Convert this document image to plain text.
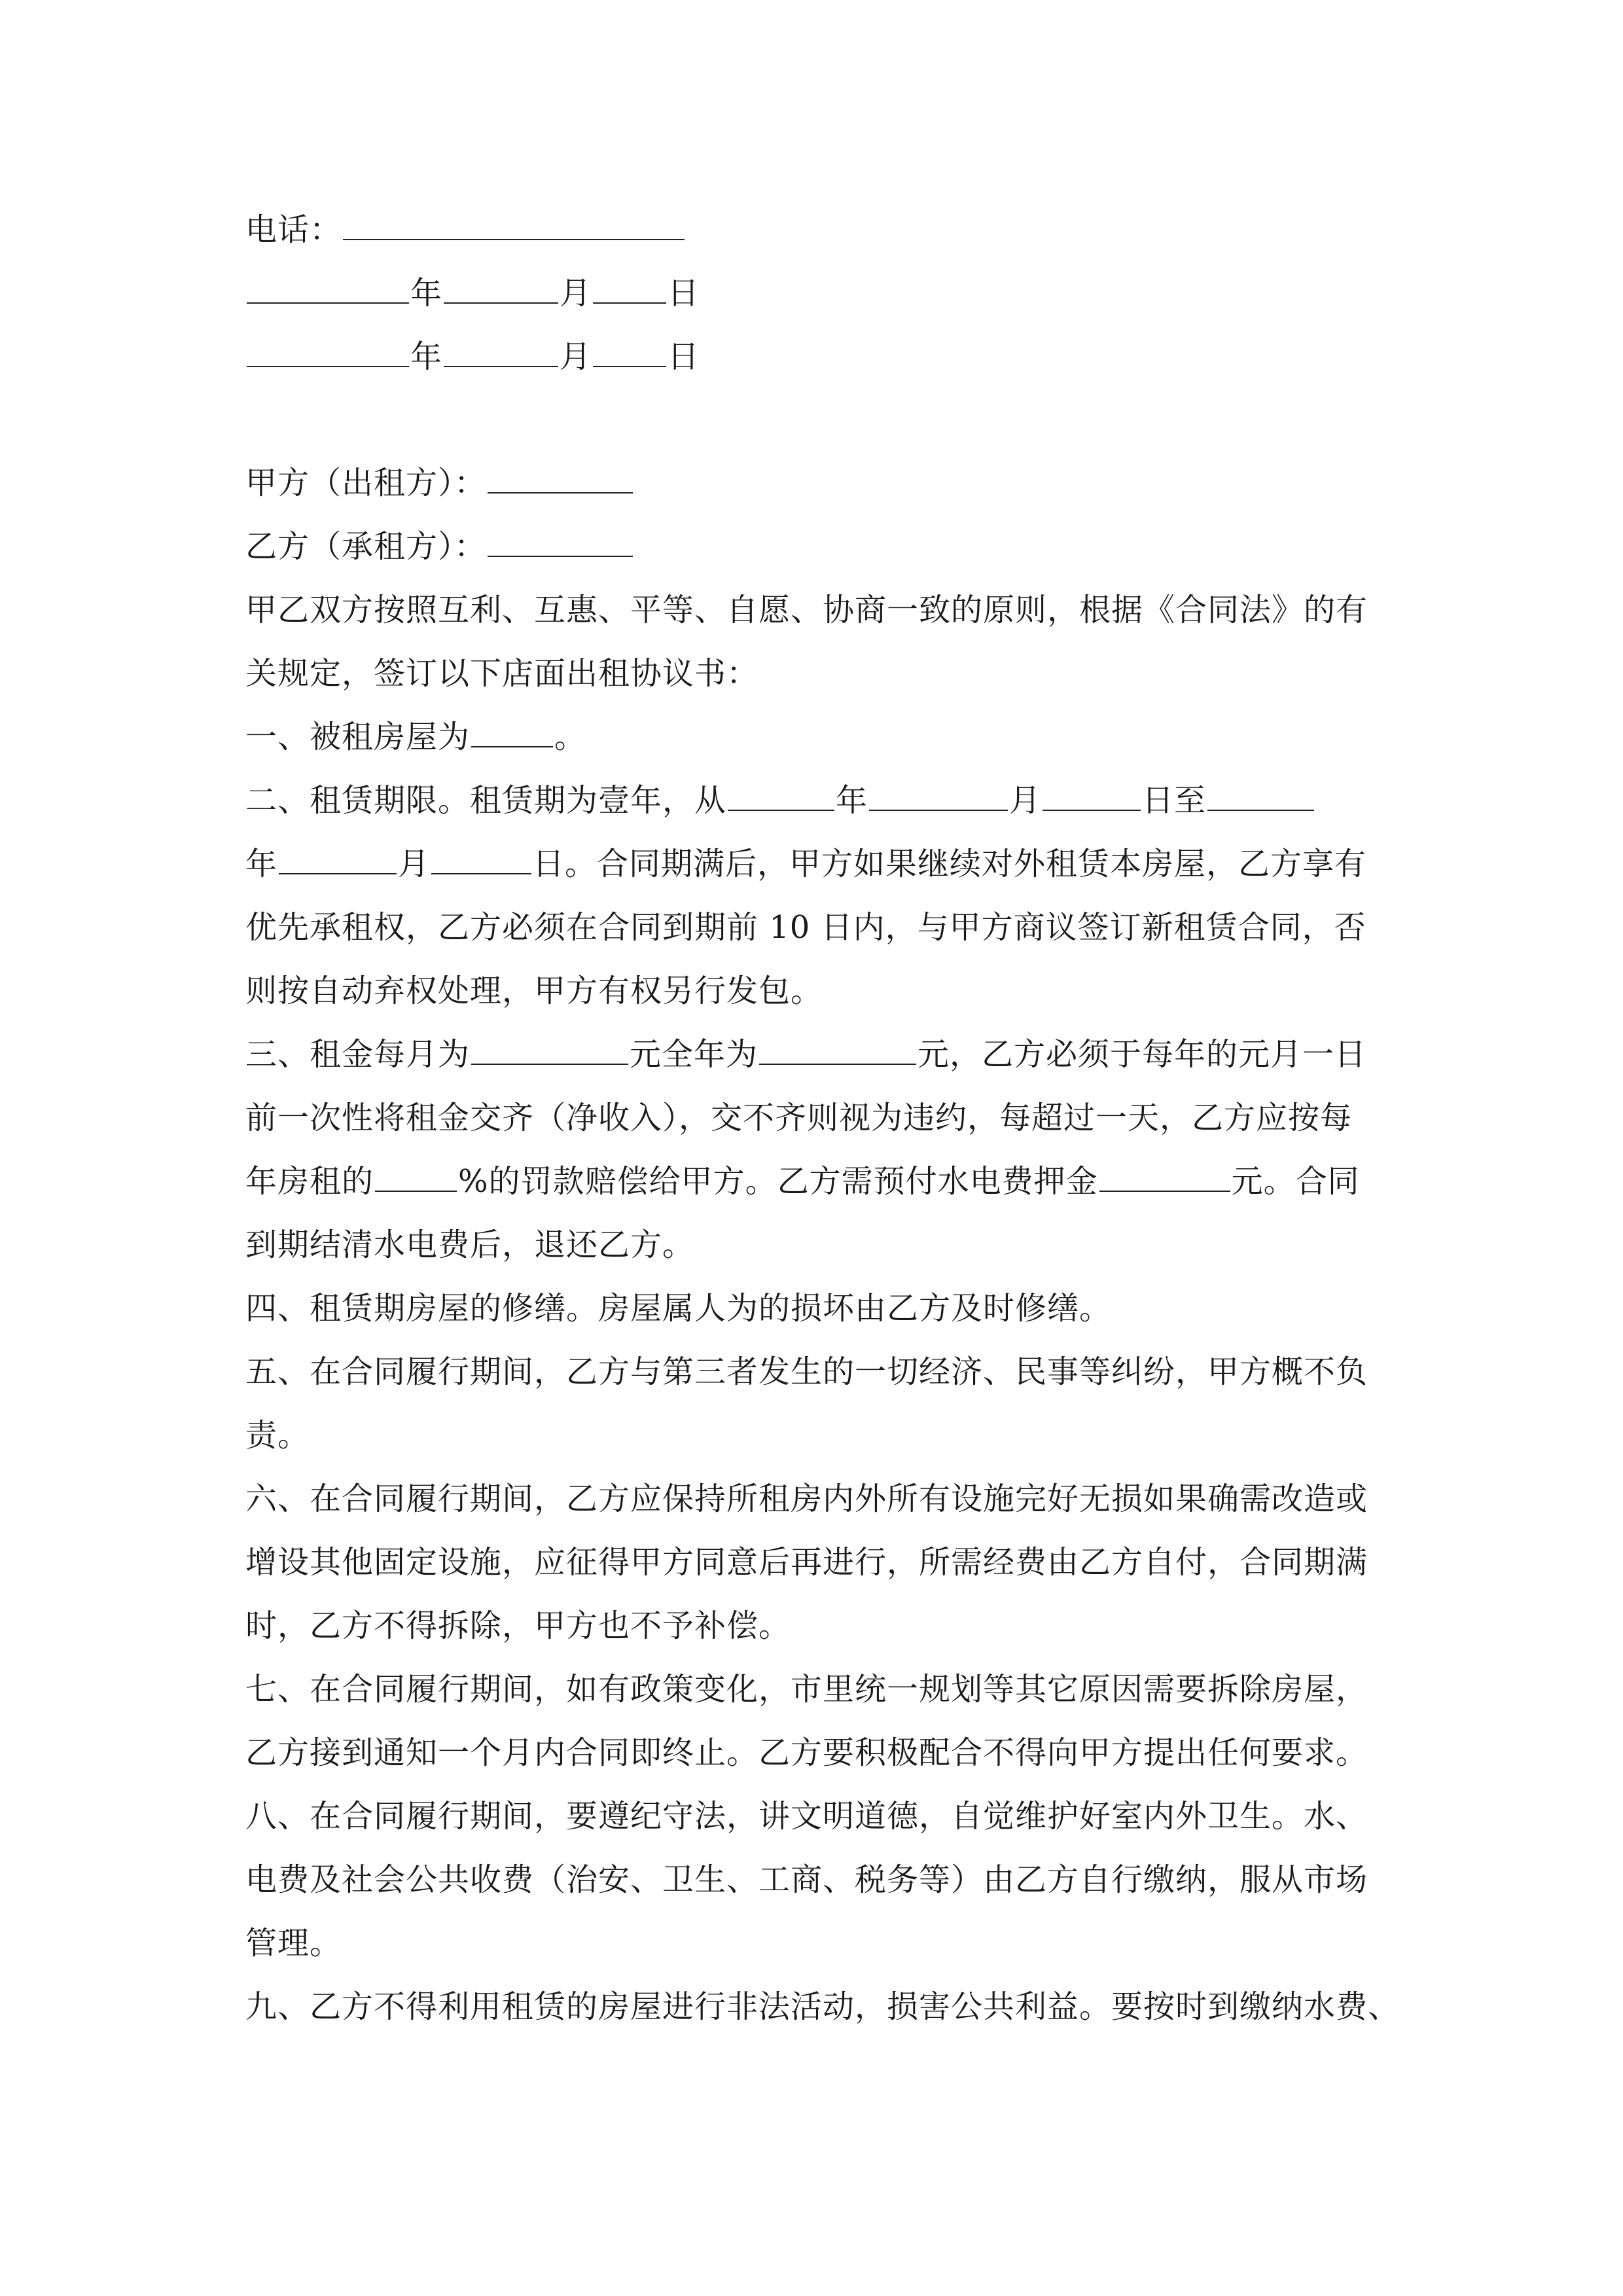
电话：
年	月 日
年	月 日
甲方（出租方）：
乙方（承租方）：
甲乙双方按照互利、互惠、平等、自愿、协商一致的原则，根据《合同法》的有
关规定，签订以下店面出租协议书：
一、被租房屋为	。
二、租赁期限。租赁期为壹年，从	年	月	日至
年	月	日。合同期满后，甲方如果继续对外租赁本房屋，乙方享有
优先承租权，乙方必须在合同到期前 10 日内，与甲方商议签订新租赁合同，否
则按自动弃权处理，甲方有权另行发包。
三、租金每月为	元全年为	元，乙方必须于每年的元月一日
前一次性将租金交齐（净收入），交不齐则视为违约，每超过一天，乙方应按每
年房租的	%的罚款赔偿给甲方。乙方需预付水电费押金	元。合同
到期结清水电费后，退还乙方。
四、租赁期房屋的修缮。房屋属人为的损坏由乙方及时修缮。
五、在合同履行期间，乙方与第三者发生的一切经济、民事等纠纷，甲方概不负
责。
六、在合同履行期间，乙方应保持所租房内外所有设施完好无损如果确需改造或
增设其他固定设施，应征得甲方同意后再进行，所需经费由乙方自付，合同期满
时，乙方不得拆除，甲方也不予补偿。
七、在合同履行期间，如有政策变化，市里统一规划等其它原因需要拆除房屋，
乙方接到通知一个月内合同即终止。乙方要积极配合不得向甲方提出任何要求。
八、在合同履行期间，要遵纪守法，讲文明道德，自觉维护好室内外卫生。水、
电费及社会公共收费（治安、卫生、工商、税务等）由乙方自行缴纳，服从市场
管理。
九、乙方不得利用租赁的房屋进行非法活动，损害公共利益。要按时到缴纳水费、
